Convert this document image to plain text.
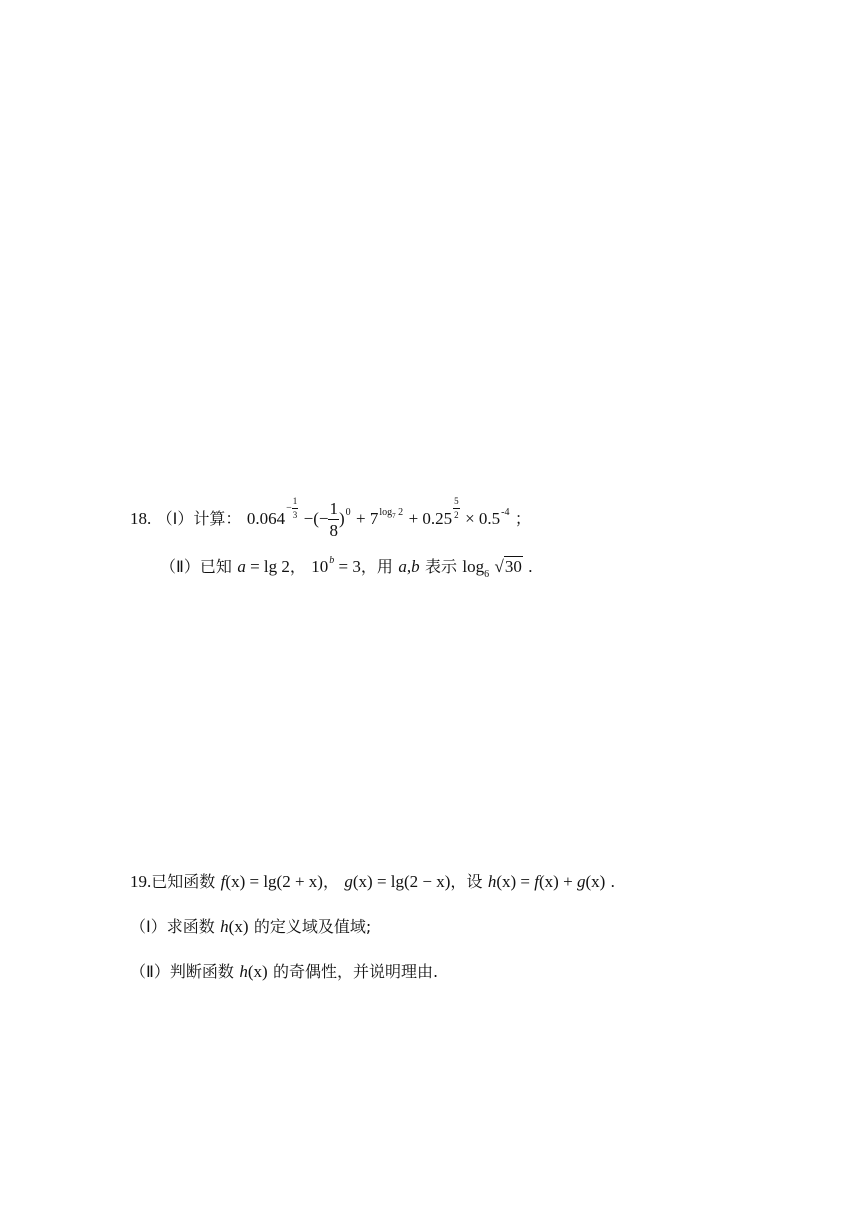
18. （Ⅰ）计算： $0.064- \frac{1}{3}$ −(− $\frac{1}{8} )^0 + 7^{log_7 2} + 0.25 \frac{5}{2} \times 0.5^{-4}$ ；
（Ⅱ）已知 a = lg 2， $10^b = 3$，用 a,b 表示 $\log_6 √30$ .
19.已知函数 f(x) = lg(2 + x)， g(x) = lg(2 − x)，设 h(x) = f(x) + g(x) .
（Ⅰ）求函数 h(x) 的定义域及值域;
（Ⅱ）判断函数 h(x) 的奇偶性，并说明理由.
